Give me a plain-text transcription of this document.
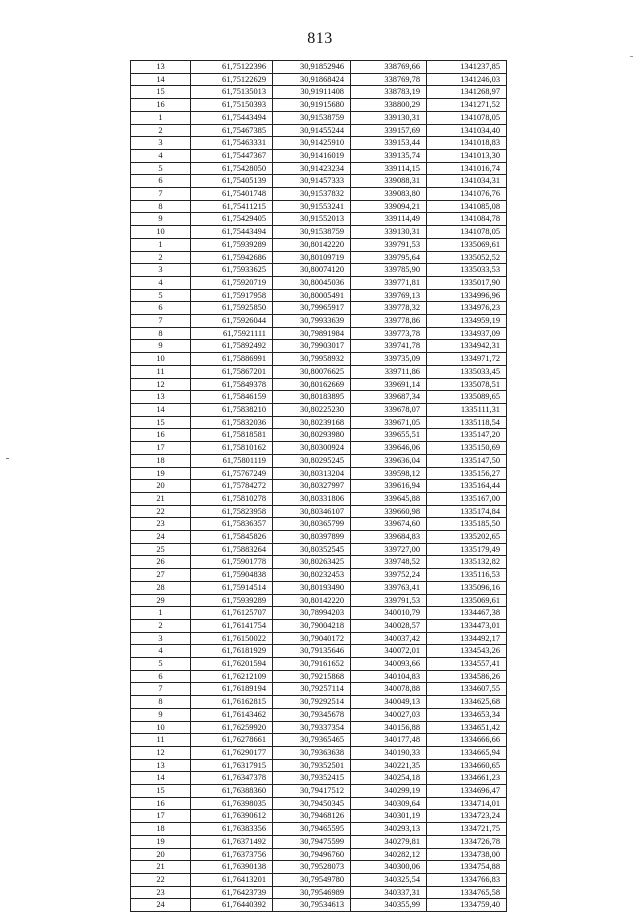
813
13	61,75122396	30,91852946	338769,66	1341237,85
14	61,75122629	30,91868424	338769,78	1341246,03
15	61,75135013	30,91911408	338783,19	1341268,97
16	61,75150393	30,91915680	338800,29	1341271,52
1	61,75443494	30,91538759	339130,31	1341078,05
2	61,75467385	30,91455244	339157,69	1341034,40
3	61,75463331	30,91425910	339153,44	1341018,83
4	61,75447367	30,91416019	339135,74	1341013,30
5	61,75428050	30,91423234	339114,15	1341016,74
6	61,75405139	30,91457333	339088,31	1341034,31
7	61,75401748	30,91537832	339083,80	1341076,76
8	61,75411215	30,91553241	339094,21	1341085,08
9	61,75429405	30,91552013	339114,49	1341084,78
10	61,75443494	30,91538759	339130,31	1341078,05
1	61,75939289	30,80142220	339791,53	1335069,61
2	61,75942686	30,80109719	339795,64	1335052,52
3	61,75933625	30,80074120	339785,90	1335033,53
4	61,75920719	30,80045036	339771,81	1335017,90
5	61,75917958	30,80005491	339769,13	1334996,96
6	61,75925850	30,79965917	339778,32	1334976,23
7	61,75926044	30,79933639	339778,86	1334959,19
8	61,75921111	30,79891984	339773,78	1334937,09
9	61,75892492	30,79903017	339741,78	1334942,31
10	61,75886991	30,79958932	339735,09	1334971,72
11	61,75867201	30,80076625	339711,86	1335033,45
12	61,75849378	30,80162669	339691,14	1335078,51
13	61,75846159	30,80183895	339687,34	1335089,65
14	61,75838210	30,80225230	339678,07	1335111,31
15	61,75832036	30,80239168	339671,05	1335118,54
16	61,75818581	30,80293980	339655,51	1335147,20
17	61,75810162	30,80300924	339646,06	1335150,69
18	61,75801119	30,80295245	339636,04	1335147,50
19	61,75767249	30,80313204	339598,12	1335156,27
20	61,75784272	30,80327997	339616,94	1335164,44
21	61,75810278	30,80331806	339645,88	1335167,00
22	61,75823958	30,80346107	339660,98	1335174,84
23	61,75836357	30,80365799	339674,60	1335185,50
24	61,75845826	30,80397899	339684,83	1335202,65
25	61,75883264	30,80352545	339727,00	1335179,49
26	61,75901778	30,80263425	339748,52	1335132,82
27	61,75904838	30,80232453	339752,24	1335116,53
28	61,75914514	30,80193490	339763,41	1335096,16
29	61,75939289	30,80142220	339791,53	1335069,61
1	61,76125707	30,78994203	340010,79	1334467,38
2	61,76141754	30,79004218	340028,57	1334473,01
3	61,76150022	30,79040172	340037,42	1334492,17
4	61,76181929	30,79135646	340072,01	1334543,26
5	61,76201594	30,79161652	340093,66	1334557,41
6	61,76212109	30,79215868	340104,83	1334586,26
7	61,76189194	30,79257114	340078,88	1334607,55
8	61,76162815	30,79292514	340049,13	1334625,68
9	61,76143462	30,79345678	340027,03	1334653,34
10	61,76259920	30,79337354	340156,88	1334651,42
11	61,76278661	30,79365465	340177,48	1334666,66
12	61,76290177	30,79363638	340190,33	1334665,94
13	61,76317915	30,79352501	340221,35	1334660,65
14	61,76347378	30,79352415	340254,18	1334661,23
15	61,76388360	30,79417512	340299,19	1334696,47
16	61,76398035	30,79450345	340309,64	1334714,01
17	61,76390612	30,79468126	340301,19	1334723,24
18	61,76383356	30,79465595	340293,13	1334721,75
19	61,76371492	30,79475599	340279,81	1334726,78
20	61,76373756	30,79496760	340282,12	1334738,00
21	61,76390138	30,79528073	340300,06	1334754,88
22	61,76413201	30,79549780	340325,54	1334766,83
23	61,76423739	30,79546989	340337,31	1334765,58
24	61,76440392	30,79534613	340355,99	1334759,40
